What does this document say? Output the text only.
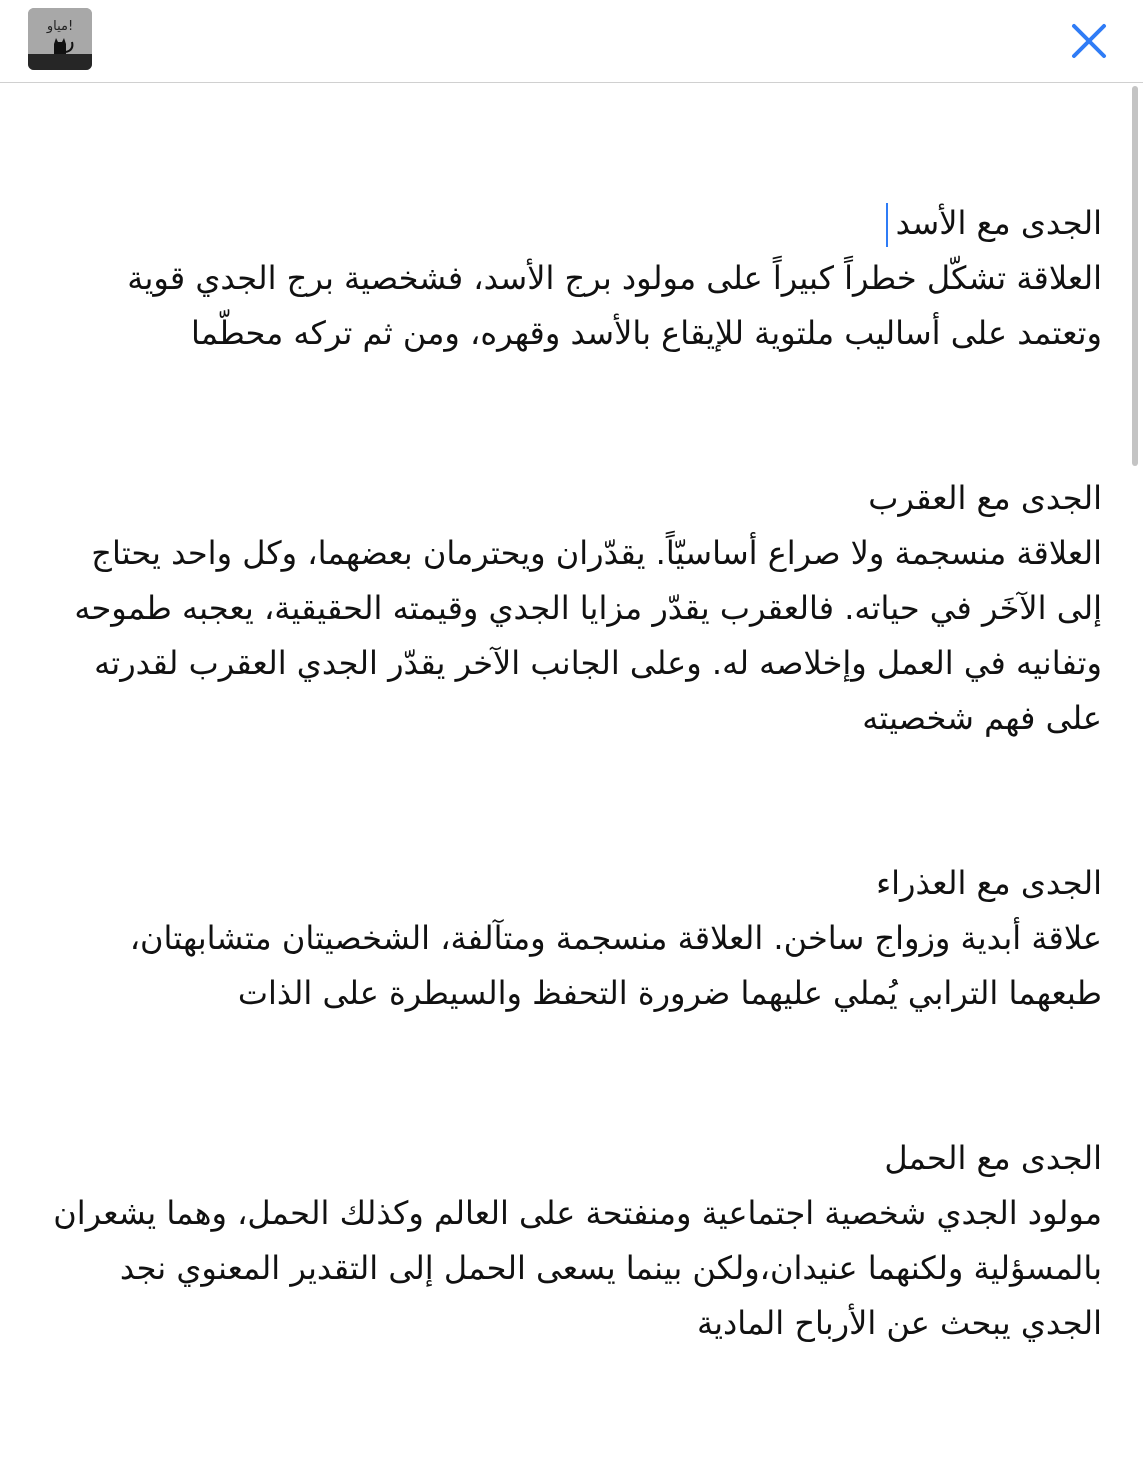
مياو!
الجدى مع الأسد
العلاقة تشكّل خطراً كبيراً على مولود برج الأسد، فشخصية برج الجدي قوية وتعتمد على أساليب ملتوية للإيقاع بالأسد وقهره، ومن ثم تركه محطّما
الجدى مع العقرب
العلاقة منسجمة ولا صراع أساسيّاً. يقدّران ويحترمان بعضهما، وكل واحد يحتاج إلى الآخَر في حياته. فالعقرب يقدّر مزايا الجدي وقيمته الحقيقية، يعجبه طموحه وتفانيه في العمل وإخلاصه له. وعلى الجانب الآخر يقدّر الجدي العقرب لقدرته على فهم شخصيته
الجدى مع العذراء
علاقة أبدية وزواج ساخن. العلاقة منسجمة ومتآلفة، الشخصيتان متشابهتان، طبعهما الترابي يُملي عليهما ضرورة التحفظ والسيطرة على الذات
الجدى مع الحمل
مولود الجدي شخصية اجتماعية ومنفتحة على العالم وكذلك الحمل، وهما يشعران بالمسؤلية ولكنهما عنيدان،ولكن بينما يسعى الحمل إلى التقدير المعنوي نجد الجدي يبحث عن الأرباح المادية
